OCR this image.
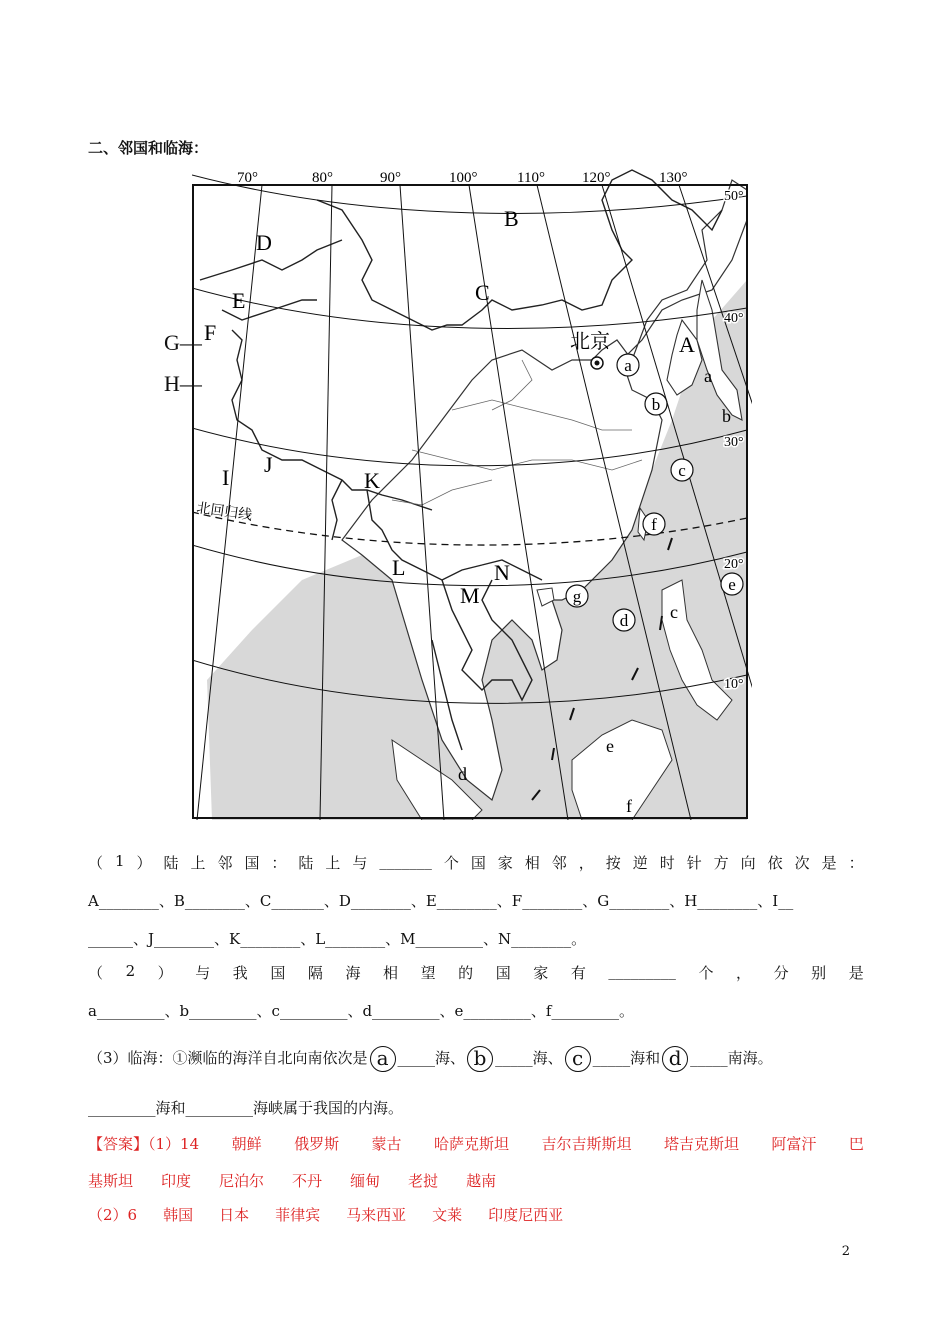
二、邻国和临海：
70°	80°	90°	100°	110° 120°	130°
50°
40°
30°
20°
10°
A
B
C
D
E
F
I
J
K
L
M
N
北京
北回归线
a
b
c
d
e
f
g
a
b
c
d
e
f
（ 1 ） 陆 上 邻 国 ： 陆 上 与 _______ 个 国 家 相 邻 ， 按 逆 时 针 方 向 依 次 是 ：
A________、B________、C_______、D________、E________、F________、G________、H________、I__
______、J________、K________、L________、M_________、N________。
（ 2 ） 与 我 国 隔 海 相 望 的 国 家 有 _________ 个 ， 分 别 是
a_________、b_________、c_________、d_________、e_________、f_________。
（3）临海：①濒临的海洋自北向南依次是 a _____海、 b _____海、 c _____海和 d _____南海。
_________海和_________海峡属于我国的内海。
【答案】（1）14 朝鲜 俄罗斯 蒙古 哈萨克斯坦 吉尔吉斯斯坦 塔吉克斯坦 阿富汗 巴
基斯坦 印度 尼泊尔 不丹 缅甸 老挝 越南
（2）6 韩国 日本 菲律宾 马来西亚 文莱 印度尼西亚
2
G—
H—
